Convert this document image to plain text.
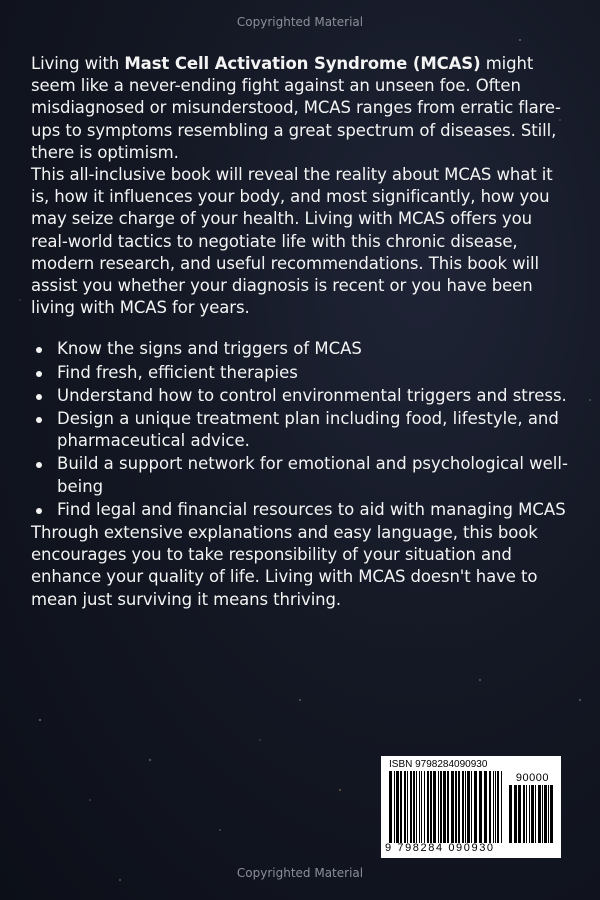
Copyrighted Material

Living with Mast Cell Activation Syndrome (MCAS) might seem like a never-ending fight against an unseen foe. Often misdiagnosed or misunderstood, MCAS ranges from erratic flare-ups to symptoms resembling a great spectrum of diseases. Still, there is optimism.

This all-inclusive book will reveal the reality about MCAS what it is, how it influences your body, and most significantly, how you may seize charge of your health. Living with MCAS offers you real-world tactics to negotiate life with this chronic disease, modern research, and useful recommendations. This book will assist you whether your diagnosis is recent or you have been living with MCAS for years.

Know the signs and triggers of MCAS
Find fresh, efficient therapies
Understand how to control environmental triggers and stress.
Design a unique treatment plan including food, lifestyle, and pharmaceutical advice.
Build a support network for emotional and psychological well-being
Find legal and financial resources to aid with managing MCAS

Through extensive explanations and easy language, this book encourages you to take responsibility of your situation and enhance your quality of life. Living with MCAS doesn't have to mean just surviving it means thriving.

ISBN 9798284090930
90000
9 798284 090930
Copyrighted Material
